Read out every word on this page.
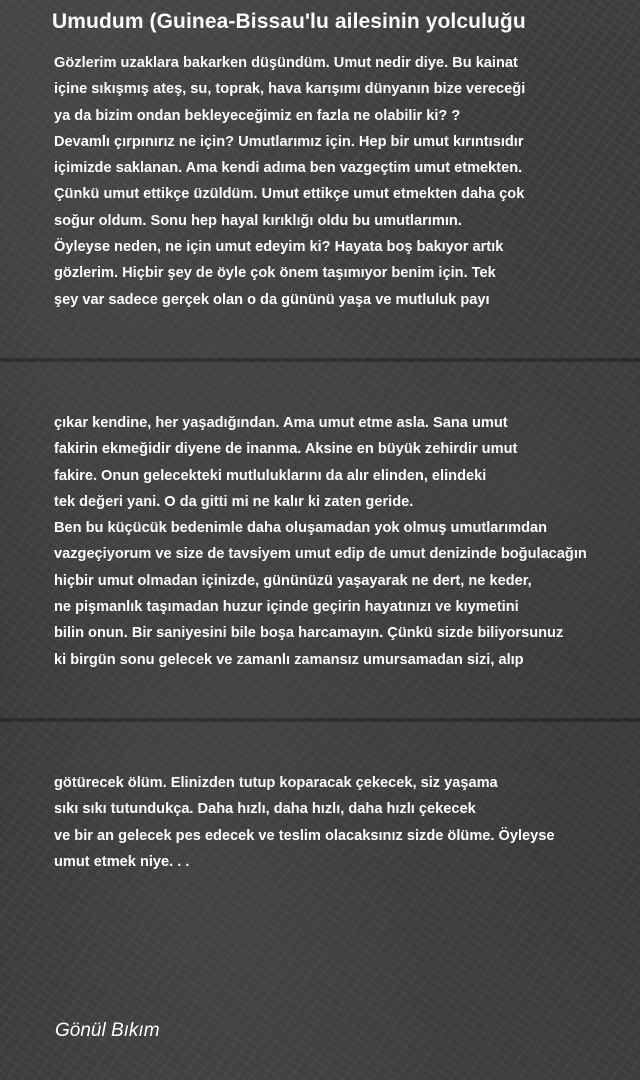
Umudum (Guinea-Bissau'lu ailesinin yolculuğu
Gözlerim uzaklara bakarken düşündüm. Umut nedir diye. Bu kainat
içine sıkışmış ateş, su, toprak, hava karışımı dünyanın bize vereceği
ya da bizim ondan bekleyeceğimiz en fazla ne olabilir ki? ?
Devamlı çırpınırız ne için? Umutlarımız için. Hep bir umut kırıntısıdır
içimizde saklanan. Ama kendi adıma ben vazgeçtim umut etmekten.
Çünkü umut ettikçe üzüldüm. Umut ettikçe umut etmekten daha çok
soğur oldum. Sonu hep hayal kırıklığı oldu bu umutlarımın.
Öyleyse neden, ne için umut edeyim ki? Hayata boş bakıyor artık
gözlerim. Hiçbir şey de öyle çok önem taşımıyor benim için. Tek
şey var sadece gerçek olan o da gününü yaşa ve mutluluk payı
çıkar kendine, her yaşadığından. Ama umut etme asla. Sana umut
fakirin ekmeğidir diyene de inanma. Aksine en büyük zehirdir umut
fakire. Onun gelecekteki mutluluklarını da alır elinden, elindeki
tek değeri yani. O da gitti mi ne kalır ki zaten geride.
Ben bu küçücük bedenimle daha oluşamadan yok olmuş umutlarımdan
vazgeçiyorum ve size de tavsiyem umut edip de umut denizinde boğulacağın
hiçbir umut olmadan içinizde, gününüzü yaşayarak ne dert, ne keder,
ne pişmanlık taşımadan huzur içinde geçirin hayatınızı ve kıymetini
bilin onun. Bir saniyesini bile boşa harcamayın. Çünkü sizde biliyorsunuz
ki birgün sonu gelecek ve zamanlı zamansız umursamadan sizi, alıp
götürecek ölüm. Elinizden tutup koparacak çekecek, siz yaşama
sıkı sıkı tutundukça. Daha hızlı, daha hızlı, daha hızlı çekecek
ve bir an gelecek pes edecek ve teslim olacaksınız sizde ölüme. Öyleyse
umut etmek niye. . .
Gönül Bıkım
